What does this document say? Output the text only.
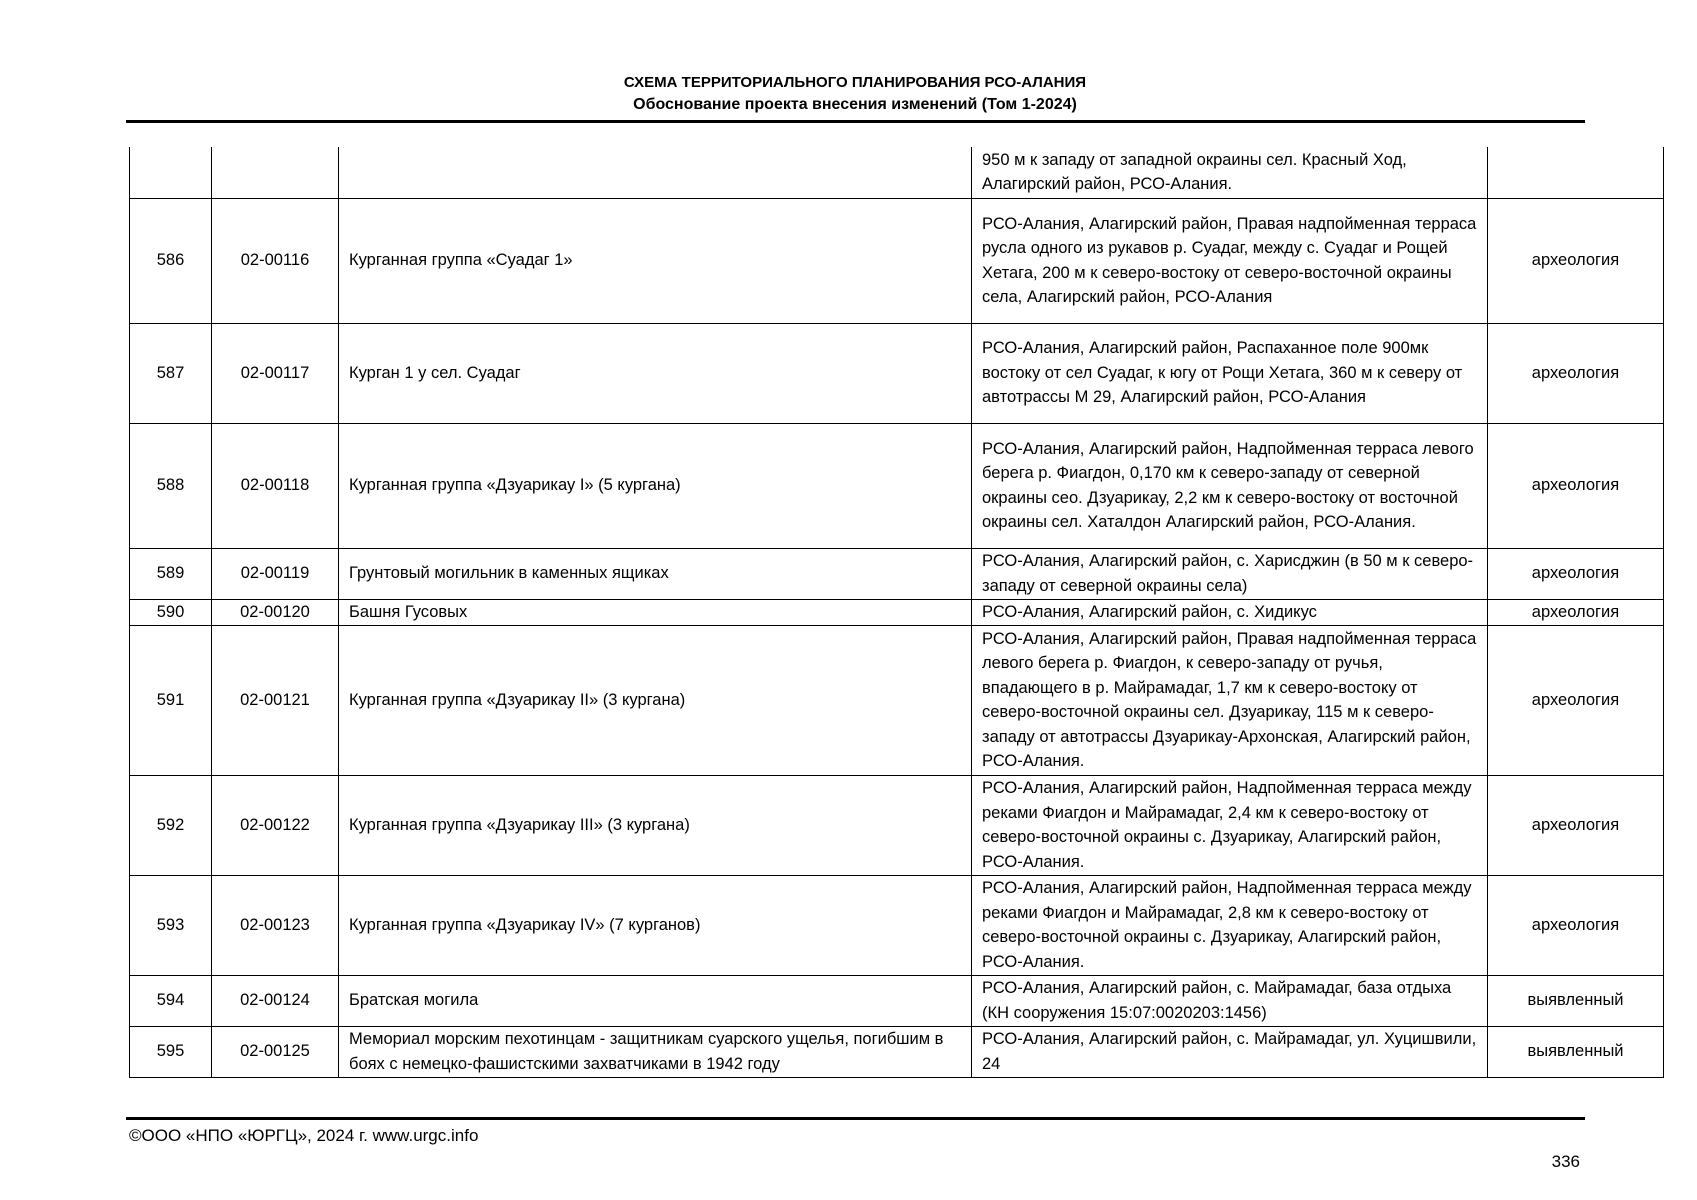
СХЕМА ТЕРРИТОРИАЛЬНОГО ПЛАНИРОВАНИЯ РСО-АЛАНИЯ
Обоснование проекта внесения изменений (Том 1-2024)
			950 м к западу от западной окраины сел. Красный Ход, Алагирский район, РСО-Алания.	
586	02-00116	Курганная группа «Суадаг 1»	РСО-Алания, Алагирский район, Правая надпойменная терраса русла одного из рукавов р. Суадаг, между с. Суадаг и Рощей Хетага, 200 м к северо-востоку от северо-восточной окраины села, Алагирский район, РСО-Алания	археология
587	02-00117	Курган 1 у сел. Суадаг	РСО-Алания, Алагирский район, Распаханное поле 900мк востоку от сел Суадаг, к югу от Рощи Хетага, 360 м к северу от автотрассы М 29, Алагирский район, РСО-Алания	археология
588	02-00118	Курганная группа «Дзуарикау I» (5 кургана)	РСО-Алания, Алагирский район, Надпойменная терраса левого берега р. Фиагдон, 0,170 км к северо-западу от северной окраины сео. Дзуарикау, 2,2 км к северо-востоку от восточной окраины сел. Хаталдон Алагирский район, РСО-Алания.	археология
589	02-00119	Грунтовый могильник в каменных ящиках	РСО-Алания, Алагирский район, с. Харисджин (в 50 м к северо-западу от северной окраины села)	археология
590	02-00120	Башня Гусовых	РСО-Алания, Алагирский район, с. Хидикус	археология
591	02-00121	Курганная группа «Дзуарикау II» (3 кургана)	РСО-Алания, Алагирский район, Правая надпойменная терраса левого берега р. Фиагдон, к северо-западу от ручья, впадающего в р. Майрамадаг, 1,7 км к северо-востоку от северо-восточной окраины сел. Дзуарикау, 115 м к северо-западу от автотрассы Дзуарикау-Архонская, Алагирский район, РСО-Алания.	археология
592	02-00122	Курганная группа «Дзуарикау III» (3 кургана)	РСО-Алания, Алагирский район, Надпойменная терраса между реками Фиагдон и Майрамадаг, 2,4 км к северо-востоку от северо-восточной окраины с. Дзуарикау, Алагирский район, РСО-Алания.	археология
593	02-00123	Курганная группа «Дзуарикау IV» (7 курганов)	РСО-Алания, Алагирский район, Надпойменная терраса между реками Фиагдон и Майрамадаг, 2,8 км к северо-востоку от северо-восточной окраины с. Дзуарикау, Алагирский район, РСО-Алания.	археология
594	02-00124	Братская могила	РСО-Алания, Алагирский район, с. Майрамадаг, база отдыха (КН сооружения 15:07:0020203:1456)	выявленный
595	02-00125	Мемориал морским пехотинцам - защитникам суарского ущелья, погибшим в боях с немецко-фашистскими захватчиками в 1942 году	РСО-Алания, Алагирский район, с. Майрамадаг, ул. Хуцишвили, 24	выявленный
©ООО «НПО «ЮРГЦ», 2024 г. www.urgc.info
336
